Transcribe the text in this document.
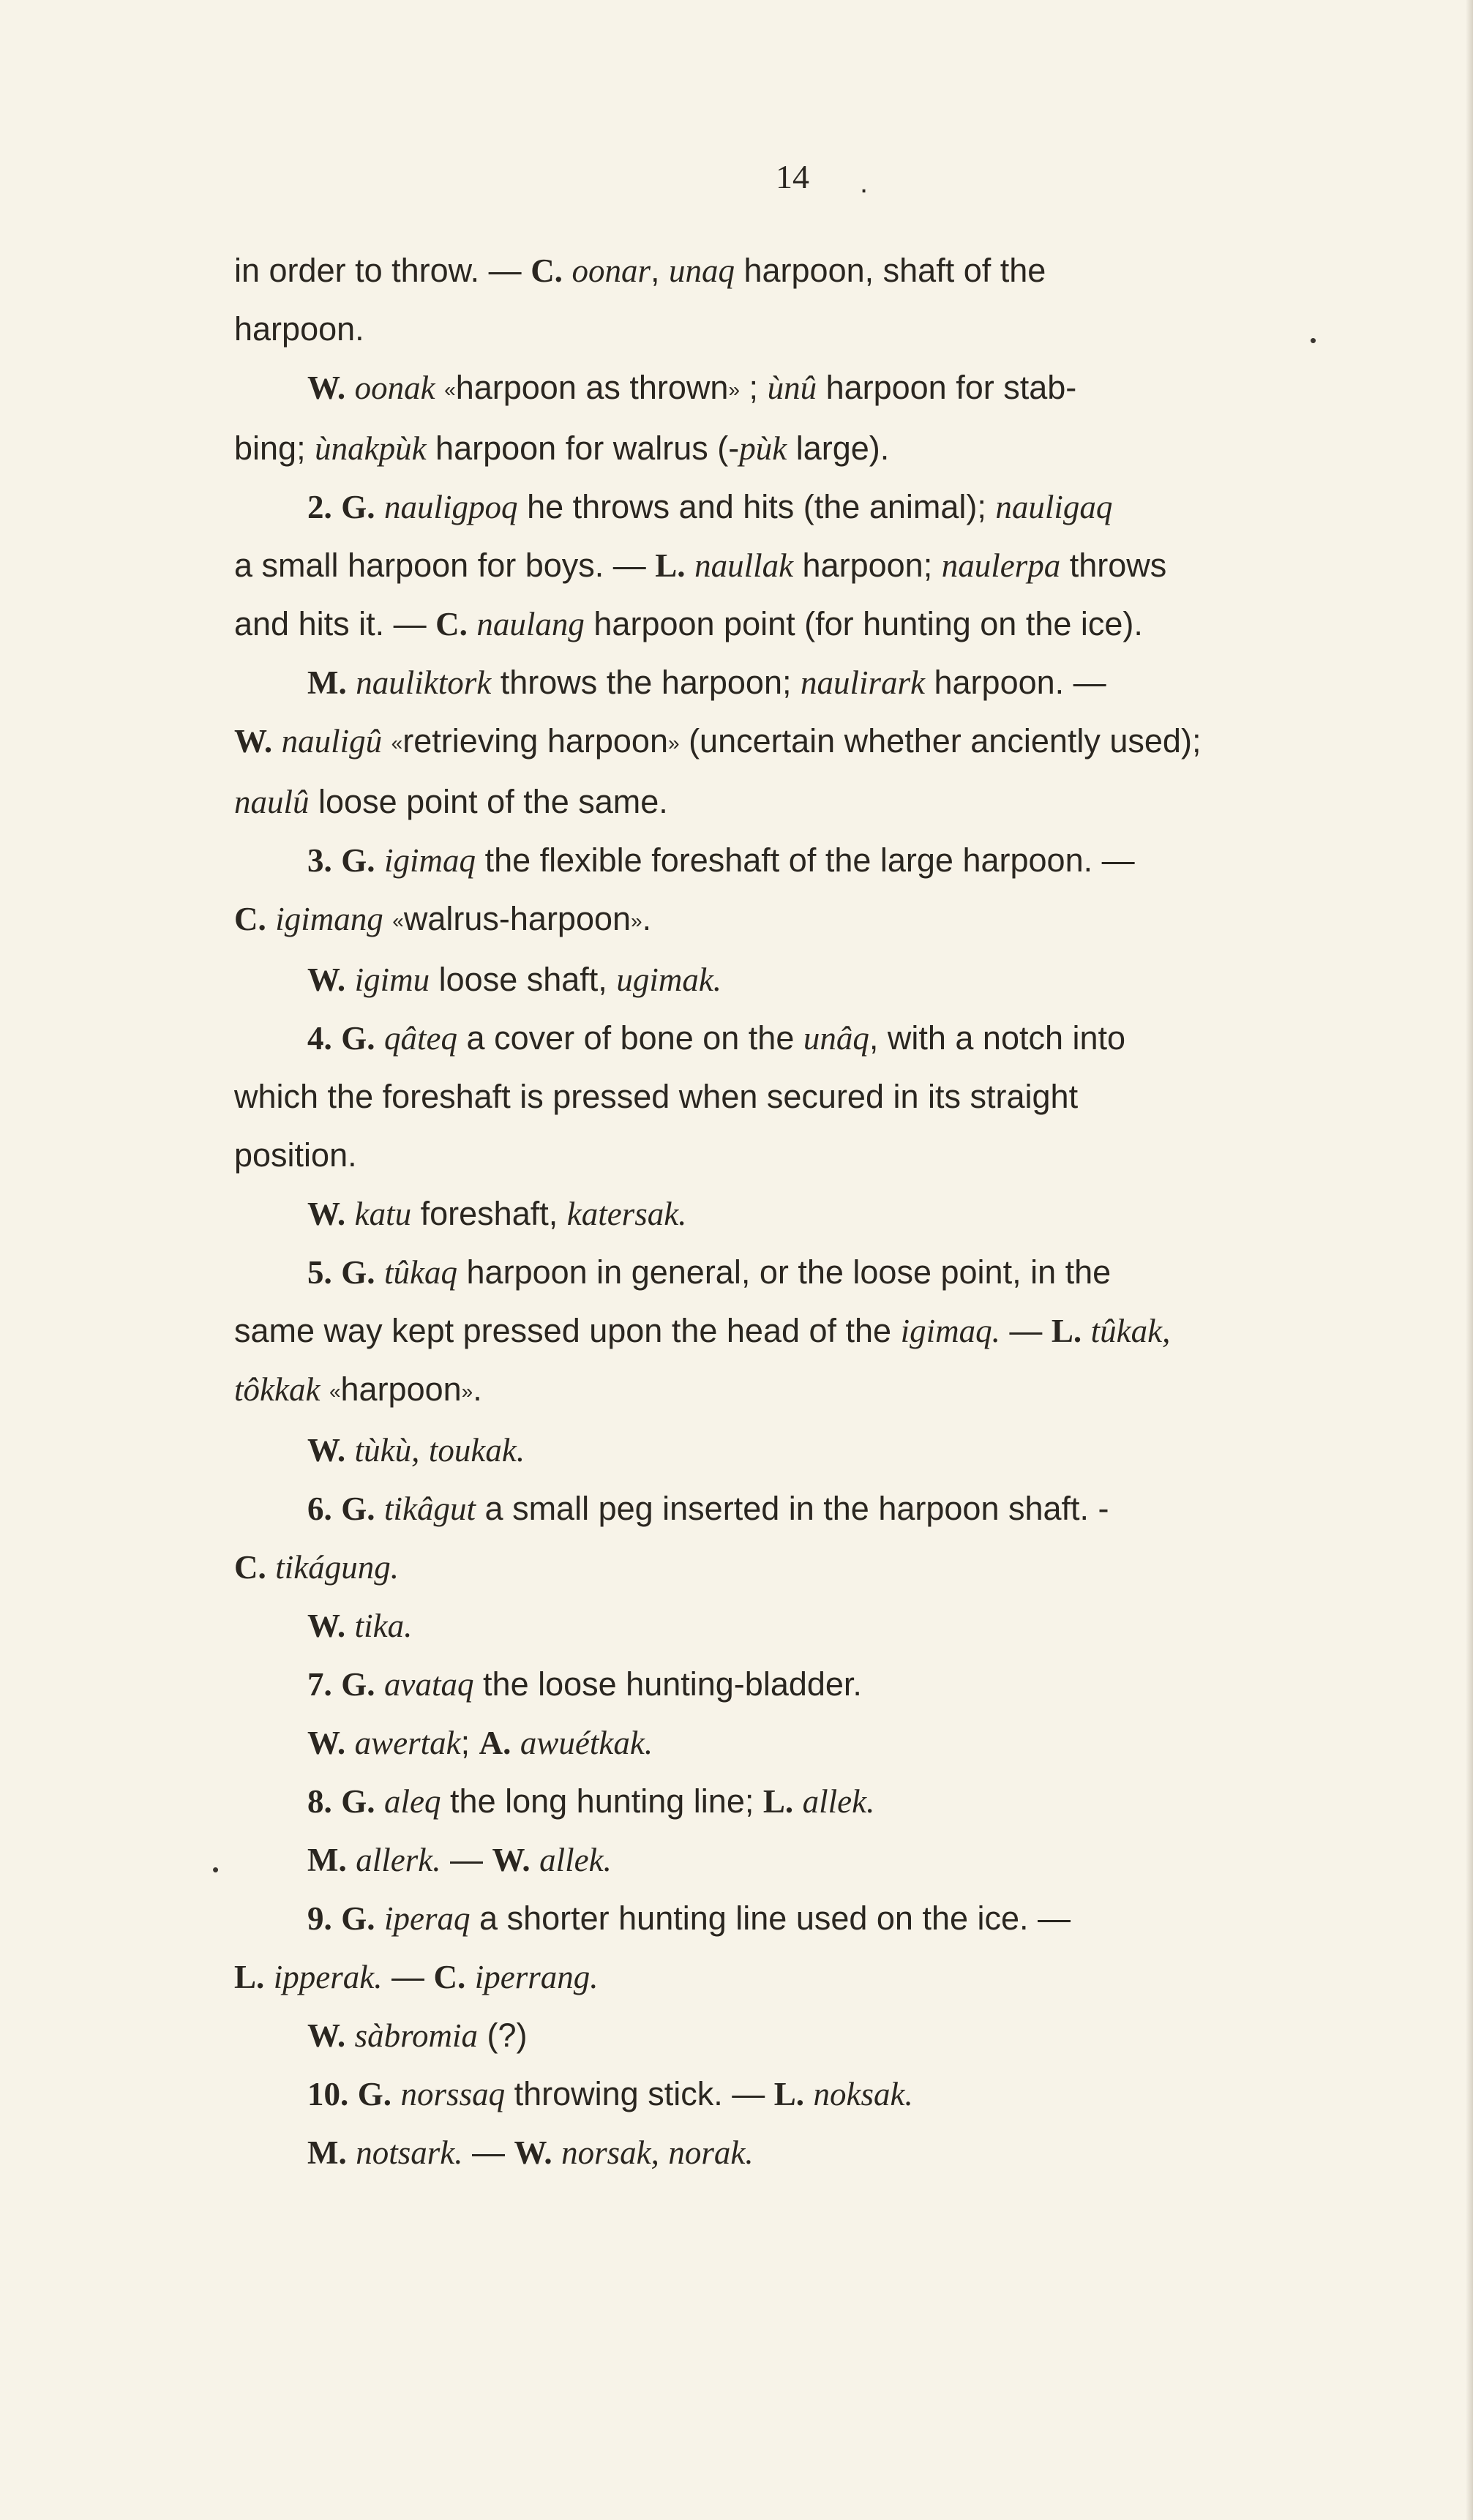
14 .
•
•

in order to throw. — C. oonar, unaq harpoon, shaft of the

harpoon.

W. oonak «harpoon as thrown» ; ùnû harpoon for stab-

bing; ùnakpùk harpoon for walrus (-pùk large).

2. G. nauligpoq he throws and hits (the animal); nauligaq

a small harpoon for boys. — L. naullak harpoon; naulerpa throws

and hits it. — C. naulang harpoon point (for hunting on the ice).

M. nauliktork throws the harpoon; naulirark harpoon. —

W. nauligû «retrieving harpoon» (uncertain whether anciently used);

naulû loose point of the same.

3. G. igimaq the flexible foreshaft of the large harpoon. —

C. igimang «walrus-harpoon».

W. igimu loose shaft, ugimak.

4. G. qâteq a cover of bone on the unâq, with a notch into

which the foreshaft is pressed when secured in its straight

position.

W. katu foreshaft, katersak.

5. G. tûkaq harpoon in general, or the loose point, in the

same way kept pressed upon the head of the igimaq. — L. tûkak,

tôkkak «harpoon».

W. tùkù, toukak.

6. G. tikâgut a small peg inserted in the harpoon shaft. -

C. tikágung.

W. tika.

7. G. avataq the loose hunting-bladder.

W. awertak; A. awuétkak.

8. G. aleq the long hunting line; L. allek.

M. allerk. — W. allek.

9. G. iperaq a shorter hunting line used on the ice. —

L. ipperak. — C. iperrang.

W. sàbromia (?)

10. G. norssaq throwing stick. — L. noksak.

M. notsark. — W. norsak, norak.
